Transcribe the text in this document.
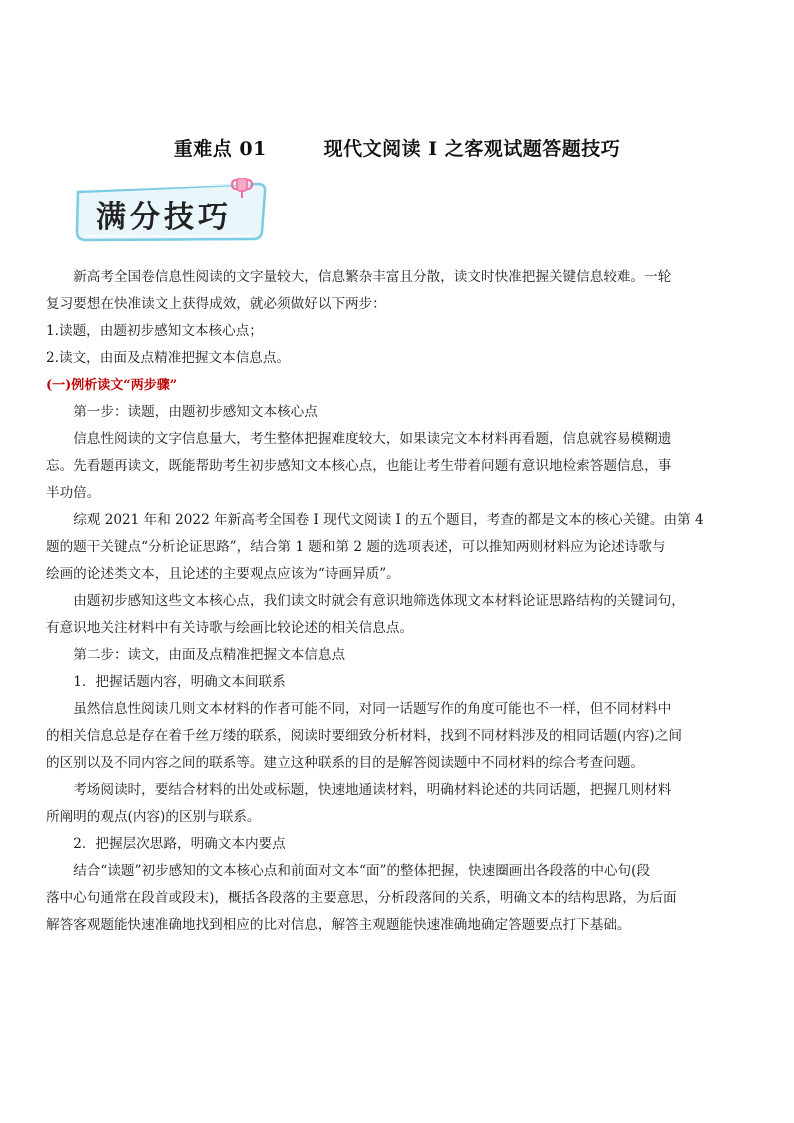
重难点 01        现代文阅读 I 之客观试题答题技巧
满分技巧

新高考全国卷信息性阅读的文字量较大，信息繁杂丰富且分散，读文时快准把握关键信息较难。一轮

复习要想在快准读文上获得成效，就必须做好以下两步：

1.读题，由题初步感知文本核心点；

2.读文，由面及点精准把握文本信息点。

(一)例析读文“两步骤”

第一步：读题，由题初步感知文本核心点

信息性阅读的文字信息量大，考生整体把握难度较大，如果读完文本材料再看题，信息就容易模糊遗

忘。先看题再读文，既能帮助考生初步感知文本核心点，也能让考生带着问题有意识地检索答题信息，事

半功倍。

综观 2021 年和 2022 年新高考全国卷 I 现代文阅读 I 的五个题目，考查的都是文本的核心关键。由第 4

题的题干关键点“分析论证思路”，结合第 1 题和第 2 题的选项表述，可以推知两则材料应为论述诗歌与

绘画的论述类文本，且论述的主要观点应该为“诗画异质”。

由题初步感知这些文本核心点，我们读文时就会有意识地筛选体现文本材料论证思路结构的关键词句，

有意识地关注材料中有关诗歌与绘画比较论述的相关信息点。

第二步：读文，由面及点精准把握文本信息点

1．把握话题内容，明确文本间联系

虽然信息性阅读几则文本材料的作者可能不同，对同一话题写作的角度可能也不一样，但不同材料中

的相关信息总是存在着千丝万缕的联系，阅读时要细致分析材料，找到不同材料涉及的相同话题(内容)之间

的区别以及不同内容之间的联系等。建立这种联系的目的是解答阅读题中不同材料的综合考查问题。

考场阅读时，要结合材料的出处或标题，快速地通读材料，明确材料论述的共同话题，把握几则材料

所阐明的观点(内容)的区别与联系。

2．把握层次思路，明确文本内要点

结合“读题”初步感知的文本核心点和前面对文本“面”的整体把握，快速圈画出各段落的中心句(段

落中心句通常在段首或段末)，概括各段落的主要意思，分析段落间的关系，明确文本的结构思路，为后面

解答客观题能快速准确地找到相应的比对信息，解答主观题能快速准确地确定答题要点打下基础。
